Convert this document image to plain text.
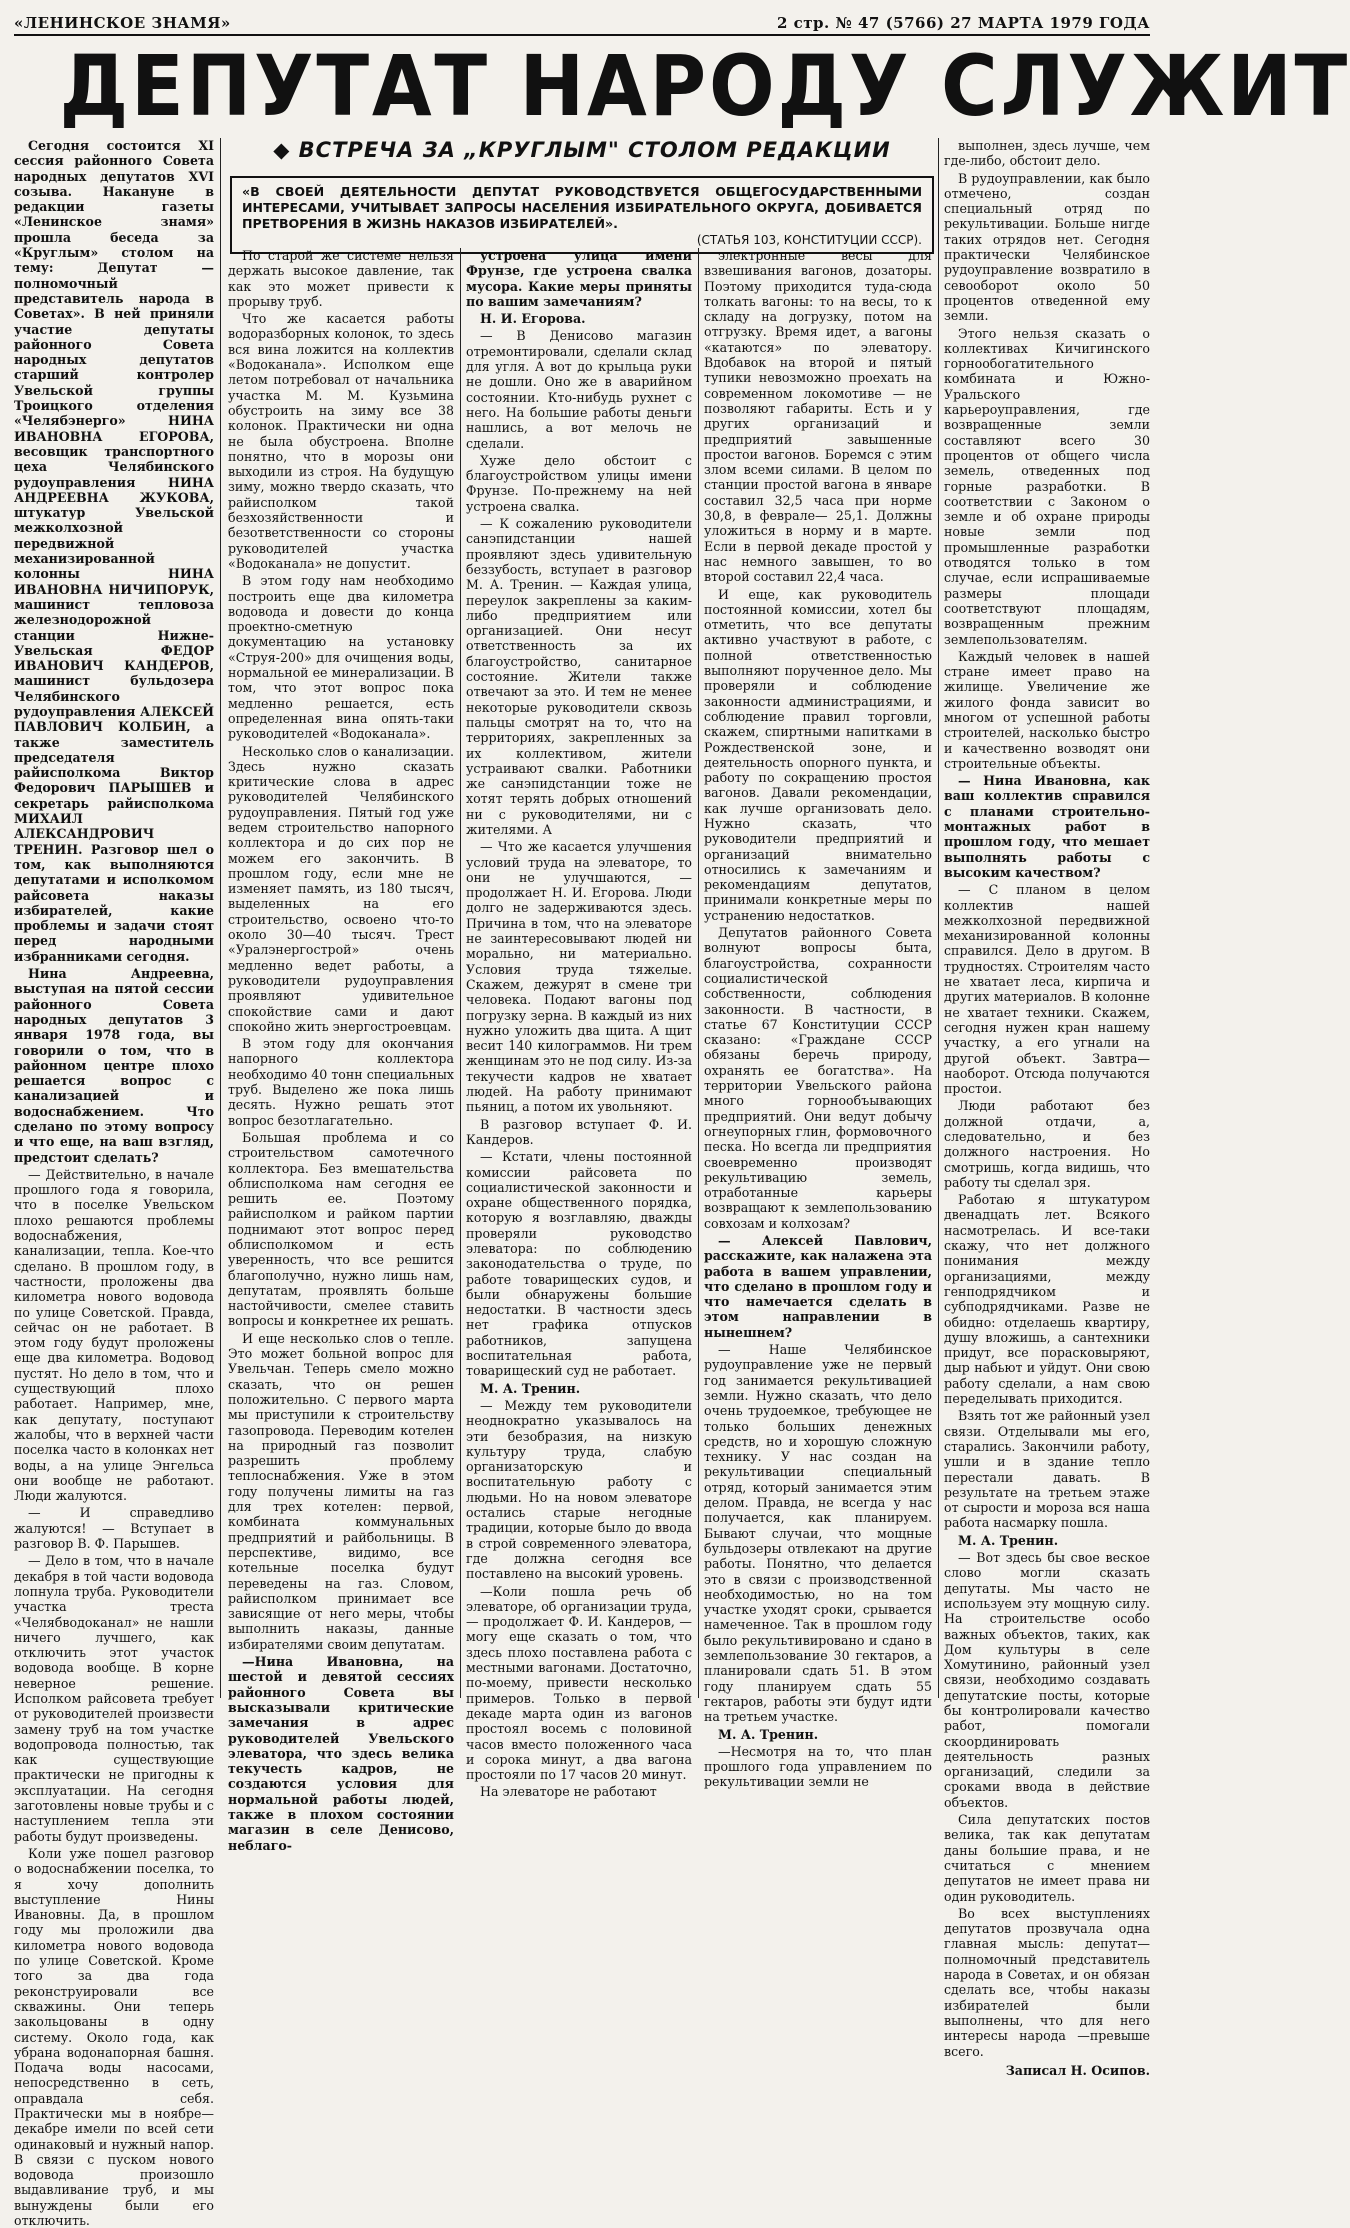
«ЛЕНИНСКОЕ ЗНАМЯ»	2 стр. № 47 (5766) 27 МАРТА 1979 ГОДА
ДЕПУТАТ НАРОДУ СЛУЖИТ

Сегодня состоится XI сессия районного Совета народных депутатов XVI созыва. Накануне в редакции газеты «Ленинское знамя» прошла беседа за «Круглым» столом на тему: Депутат — полномочный представитель народа в Советах». В ней приняли участие депутаты районного Совета народных депутатов старший контролер Увельской группы Троицкого отделения «Челябэнерго» НИНА ИВАНОВНА ЕГОРОВА, весовщик транспортного цеха Челябинского рудоуправления НИНА АНДРЕЕВНА ЖУКОВА, штукатур Увельской межколхозной передвижной механизированной колонны НИНА ИВАНОВНА НИЧИПОРУК, машинист тепловоза железнодорожной станции Нижне-Увельская ФЕДОР ИВАНОВИЧ КАНДЕРОВ, машинист бульдозера Челябинского рудоуправления АЛЕКСЕЙ ПАВЛОВИЧ КОЛБИН, а также заместитель председателя райисполкома Виктор Федорович ПАРЫШЕВ и секретарь райисполкома МИХАИЛ АЛЕКСАНДРОВИЧ ТРЕНИН. Разговор шел о том, как выполняются депутатами и исполкомом райсовета наказы избирателей, какие проблемы и задачи стоят перед народными избранниками сегодня.

Нина Андреевна, выступая на пятой сессии районного Совета народных депутатов 3 января 1978 года, вы говорили о том, что в районном центре плохо решается вопрос с канализацией и водоснабжением. Что сделано по этому вопросу и что еще, на ваш взгляд, предстоит сделать?

— Действительно, в начале прошлого года я говорила, что в поселке Увельском плохо решаются проблемы водоснабжения, канализации, тепла. Кое-что сделано. В прошлом году, в частности, проложены два километра нового водовода по улице Советской. Правда, сейчас он не работает. В этом году будут проложены еще два километра. Водовод пустят. Но дело в том, что и существующий плохо работает. Например, мне, как депутату, поступают жалобы, что в верхней части поселка часто в колонках нет воды, а на улице Энгельса они вообще не работают. Люди жалуются.

— И справедливо жалуются! — Вступает в разговор В. Ф. Парышев.

— Дело в том, что в начале декабря в той части водовода лопнула труба. Руководители участка треста «Челябводоканал» не нашли ничего лучшего, как отключить этот участок водовода вообще. В корне неверное решение. Исполком райсовета требует от руководителей произвести замену труб на том участке водопровода полностью, так как существующие практически не пригодны к эксплуатации. На сегодня заготовлены новые трубы и с наступлением тепла эти работы будут произведены.

Коли уже пошел разговор о водоснабжении поселка, то я хочу дополнить выступление Нины Ивановны. Да, в прошлом году мы проложили два километра нового водовода по улице Советской. Кроме того за два года реконструировали все скважины. Они теперь закольцованы в одну систему. Около года, как убрана водонапорная башня. Подача воды насосами, непосредственно в сеть, оправдала себя. Практически мы в ноябре—декабре имели по всей сети одинаковый и нужный напор. В связи с пуском нового водовода произошло выдавливание труб, и мы вынуждены были его отключить.

◆ ВСТРЕЧА ЗА „КРУГЛЫМ" СТОЛОМ РЕДАКЦИИ
«В СВОЕЙ ДЕЯТЕЛЬНОСТИ ДЕПУТАТ РУКОВОДСТВУЕТСЯ ОБЩЕГОСУДАРСТВЕННЫМИ ИНТЕРЕСАМИ, УЧИТЫВАЕТ ЗАПРОСЫ НАСЕЛЕНИЯ ИЗБИРАТЕЛЬНОГО ОКРУГА, ДОБИВАЕТСЯ ПРЕТВОРЕНИЯ В ЖИЗНЬ НАКАЗОВ ИЗБИРАТЕЛЕЙ».
(СТАТЬЯ 103, КОНСТИТУЦИИ СССР).

По старой же системе нельзя держать высокое давление, так как это может привести к прорыву труб.

Что же касается работы водоразборных колонок, то здесь вся вина ложится на коллектив «Водоканала». Исполком еще летом потребовал от начальника участка М. М. Кузьмина обустроить на зиму все 38 колонок. Практически ни одна не была обустроена. Вполне понятно, что в морозы они выходили из строя. На будущую зиму, можно твердо сказать, что райисполком такой безхозяйственности и безответственности со стороны руководителей участка «Водоканала» не допустит.

В этом году нам необходимо построить еще два километра водовода и довести до конца проектно-сметную документацию на установку «Струя-200» для очищения воды, нормальной ее минерализации. В том, что этот вопрос пока медленно решается, есть определенная вина опять-таки руководителей «Водоканала».

Несколько слов о канализации. Здесь нужно сказать критические слова в адрес руководителей Челябинского рудоуправления. Пятый год уже ведем строительство напорного коллектора и до сих пор не можем его закончить. В прошлом году, если мне не изменяет память, из 180 тысяч, выделенных на его строительство, освоено что-то около 30—40 тысяч. Трест «Уралэнергострой» очень медленно ведет работы, а руководители рудоуправления проявляют удивительное спокойствие сами и дают спокойно жить энергостроевцам.

В этом году для окончания напорного коллектора необходимо 40 тонн специальных труб. Выделено же пока лишь десять. Нужно решать этот вопрос безотлагательно.

Большая проблема и со строительством самотечного коллектора. Без вмешательства облисполкома нам сегодня ее решить ее. Поэтому райисполком и райком партии поднимают этот вопрос перед облисполкомом и есть уверенность, что все решится благополучно, нужно лишь нам, депутатам, проявлять больше настойчивости, смелее ставить вопросы и конкретнее их решать.

И еще несколько слов о тепле. Это может больной вопрос для Увельчан. Теперь смело можно сказать, что он решен положительно. С первого марта мы приступили к строительству газопровода. Переводим котелен на природный газ позволит разрешить проблему теплоснабжения. Уже в этом году получены лимиты на газ для трех котелен: первой, комбината коммунальных предприятий и райбольницы. В перспективе, видимо, все котельные поселка будут переведены на газ. Словом, райисполком принимает все зависящие от него меры, чтобы выполнить наказы, данные избирателями своим депутатам.

—Нина Ивановна, на шестой и девятой сессиях районного Совета вы высказывали критические замечания в адрес руководителей Увельского элеватора, что здесь велика текучесть кадров, не создаются условия для нормальной работы людей, также в плохом состоянии магазин в селе Денисово, неблаго-

устроена улица имени Фрунзе, где устроена свалка мусора. Какие меры приняты по вашим замечаниям?

Н. И. Егорова.

— В Денисово магазин отремонтировали, сделали склад для угля. А вот до крыльца руки не дошли. Оно же в аварийном состоянии. Кто-нибудь рухнет с него. На большие работы деньги нашлись, а вот мелочь не сделали.

Хуже дело обстоит с благоустройством улицы имени Фрунзе. По-прежнему на ней устроена свалка.

— К сожалению руководители санэпидстанции нашей проявляют здесь удивительную беззубость, вступает в разговор М. А. Тренин. — Каждая улица, переулок закреплены за каким-либо предприятием или организацией. Они несут ответственность за их благоустройство, санитарное состояние. Жители также отвечают за это. И тем не менее некоторые руководители сквозь пальцы смотрят на то, что на территориях, закрепленных за их коллективом, жители устраивают свалки. Работники же санэпидстанции тоже не хотят терять добрых отношений ни с руководителями, ни с жителями. А

— Что же касается улучшения условий труда на элеваторе, то они не улучшаются, — продолжает Н. И. Егорова. Люди долго не задерживаются здесь. Причина в том, что на элеваторе не заинтересовывают людей ни морально, ни материально. Условия труда тяжелые. Скажем, дежурят в смене три человека. Подают вагоны под погрузку зерна. В каждый из них нужно уложить два щита. А щит весит 140 килограммов. Ни трем женщинам это не под силу. Из-за текучести кадров не хватает людей. На работу принимают пьяниц, а потом их увольняют.

В разговор вступает Ф. И. Кандеров.

— Кстати, члены постоянной комиссии райсовета по социалистической законности и охране общественного порядка, которую я возглавляю, дважды проверяли руководство элеватора: по соблюдению законодательства о труде, по работе товарищеских судов, и были обнаружены большие недостатки. В частности здесь нет графика отпусков работников, запущена воспитательная работа, товарищеский суд не работает.

М. А. Тренин.

— Между тем руководители неоднократно указывалось на эти безобразия, на низкую культуру труда, слабую организаторскую и воспитательную работу с людьми. Но на новом элеваторе остались старые негодные традиции, которые было до ввода в строй современного элеватора, где должна сегодня все поставлено на высокий уровень.

—Коли пошла речь об элеваторе, об организации труда, — продолжает Ф. И. Кандеров, — могу еще сказать о том, что здесь плохо поставлена работа с местными вагонами. Достаточно, по-моему, привести несколько примеров. Только в первой декаде марта один из вагонов простоял восемь с половиной часов вместо положенного часа и сорока минут, а два вагона простояли по 17 часов 20 минут.

На элеваторе не работают

электронные весы для взвешивания вагонов, дозаторы. Поэтому приходится туда-сюда толкать вагоны: то на весы, то к складу на догрузку, потом на отгрузку. Время идет, а вагоны «катаются» по элеватору. Вдобавок на второй и пятый тупики невозможно проехать на современном локомотиве — не позволяют габариты. Есть и у других организаций и предприятий завышенные простои вагонов. Боремся с этим злом всеми силами. В целом по станции простой вагона в январе составил 32,5 часа при норме 30,8, в феврале— 25,1. Должны уложиться в норму и в марте. Если в первой декаде простой у нас немного завышен, то во второй составил 22,4 часа.

И еще, как руководитель постоянной комиссии, хотел бы отметить, что все депутаты активно участвуют в работе, с полной ответственностью выполняют порученное дело. Мы проверяли и соблюдение законности администрациями, и соблюдение правил торговли, скажем, спиртными напитками в Рождественской зоне, и деятельность опорного пункта, и работу по сокращению простоя вагонов. Давали рекомендации, как лучше организовать дело. Нужно сказать, что руководители предприятий и организаций внимательно относились к замечаниям и рекомендациям депутатов, принимали конкретные меры по устранению недостатков.

Депутатов районного Совета волнуют вопросы быта, благоустройства, сохранности социалистической собственности, соблюдения законности. В частности, в статье 67 Конституции СССР сказано: «Граждане СССР обязаны беречь природу, охранять ее богатства». На территории Увельского района много горнообъывающих предприятий. Они ведут добычу огнеупорных глин, формовочного песка. Но всегда ли предприятия своевременно производят рекультивацию земель, отработанные карьеры возвращают к землепользованию совхозам и колхозам?

— Алексей Павлович, расскажите, как налажена эта работа в вашем управлении, что сделано в прошлом году и что намечается сделать в этом направлении в нынешнем?

— Наше Челябинское рудоуправление уже не первый год занимается рекультивацией земли. Нужно сказать, что дело очень трудоемкое, требующее не только больших денежных средств, но и хорошую сложную технику. У нас создан на рекультивации специальный отряд, который занимается этим делом. Правда, не всегда у нас получается, как планируем. Бывают случаи, что мощные бульдозеры отвлекают на другие работы. Понятно, что делается это в связи с производственной необходимостью, но на том участке уходят сроки, срывается намеченное. Так в прошлом году было рекультивировано и сдано в землепользование 30 гектаров, а планировали сдать 51. В этом году планируем сдать 55 гектаров, работы эти будут идти на третьем участке.

М. А. Тренин.

—Несмотря на то, что план прошлого года управлением по рекультивации земли не

выполнен, здесь лучше, чем где-либо, обстоит дело.

В рудоуправлении, как было отмечено, создан специальный отряд по рекультивации. Больше нигде таких отрядов нет. Сегодня практически Челябинское рудоуправление возвратило в севооборот около 50 процентов отведенной ему земли.

Этого нельзя сказать о коллективах Кичигинского горнообогатительного комбината и Южно- Уральского карьероуправления, где возвращенные земли составляют всего 30 процентов от общего числа земель, отведенных под горные разработки. В соответствии с Законом о земле и об охране природы новые земли под промышленные разработки отводятся только в том случае, если испрашиваемые размеры площади соответствуют площадям, возвращенным прежним землепользователям.

Каждый человек в нашей стране имеет право на жилище. Увеличение же жилого фонда зависит во многом от успешной работы строителей, насколько быстро и качественно возводят они строительные объекты.

— Нина Ивановна, как ваш коллектив справился с планами строительно- монтажных работ в прошлом году, что мешает выполнять работы с высоким качеством?

— С планом в целом коллектив нашей межколхозной передвижной механизированной колонны справился. Дело в другом. В трудностях. Строителям часто не хватает леса, кирпича и других материалов. В колонне не хватает техники. Скажем, сегодня нужен кран нашему участку, а его угнали на другой объект. Завтра— наоборот. Отсюда получаются простои.

Люди работают без должной отдачи, а, следовательно, и без должного настроения. Но смотришь, когда видишь, что работу ты сделал зря.

Работаю я штукатуром двенадцать лет. Всякого насмотрелась. И все-таки скажу, что нет должного понимания между организациями, между генподрядчиком и субподрядчиками. Разве не обидно: отделаешь квартиру, душу вложишь, а сантехники придут, все порасковыряют, дыр набьют и уйдут. Они свою работу сделали, а нам свою переделывать приходится.

Взять тот же районный узел связи. Отделывали мы его, старались. Закончили работу, ушли и в здание тепло перестали давать. В результате на третьем этаже от сырости и мороза вся наша работа насмарку пошла.

М. А. Тренин.

— Вот здесь бы свое веское слово могли сказать депутаты. Мы часто не используем эту мощную силу. На строительстве особо важных объектов, таких, как Дом культуры в селе Хомутинино, районный узел связи, необходимо создавать депутатские посты, которые бы контролировали качество работ, помогали скоординировать деятельность разных организаций, следили за сроками ввода в действие объектов.

Сила депутатских постов велика, так как депутатам даны большие права, и не считаться с мнением депутатов не имеет права ни один руководитель.

Во всех выступлениях депутатов прозвучала одна главная мысль: депутат— полномочный представитель народа в Советах, и он обязан сделать все, чтобы наказы избирателей были выполнены, что для него интересы народа —превыше всего.

Записал Н. Осипов.
